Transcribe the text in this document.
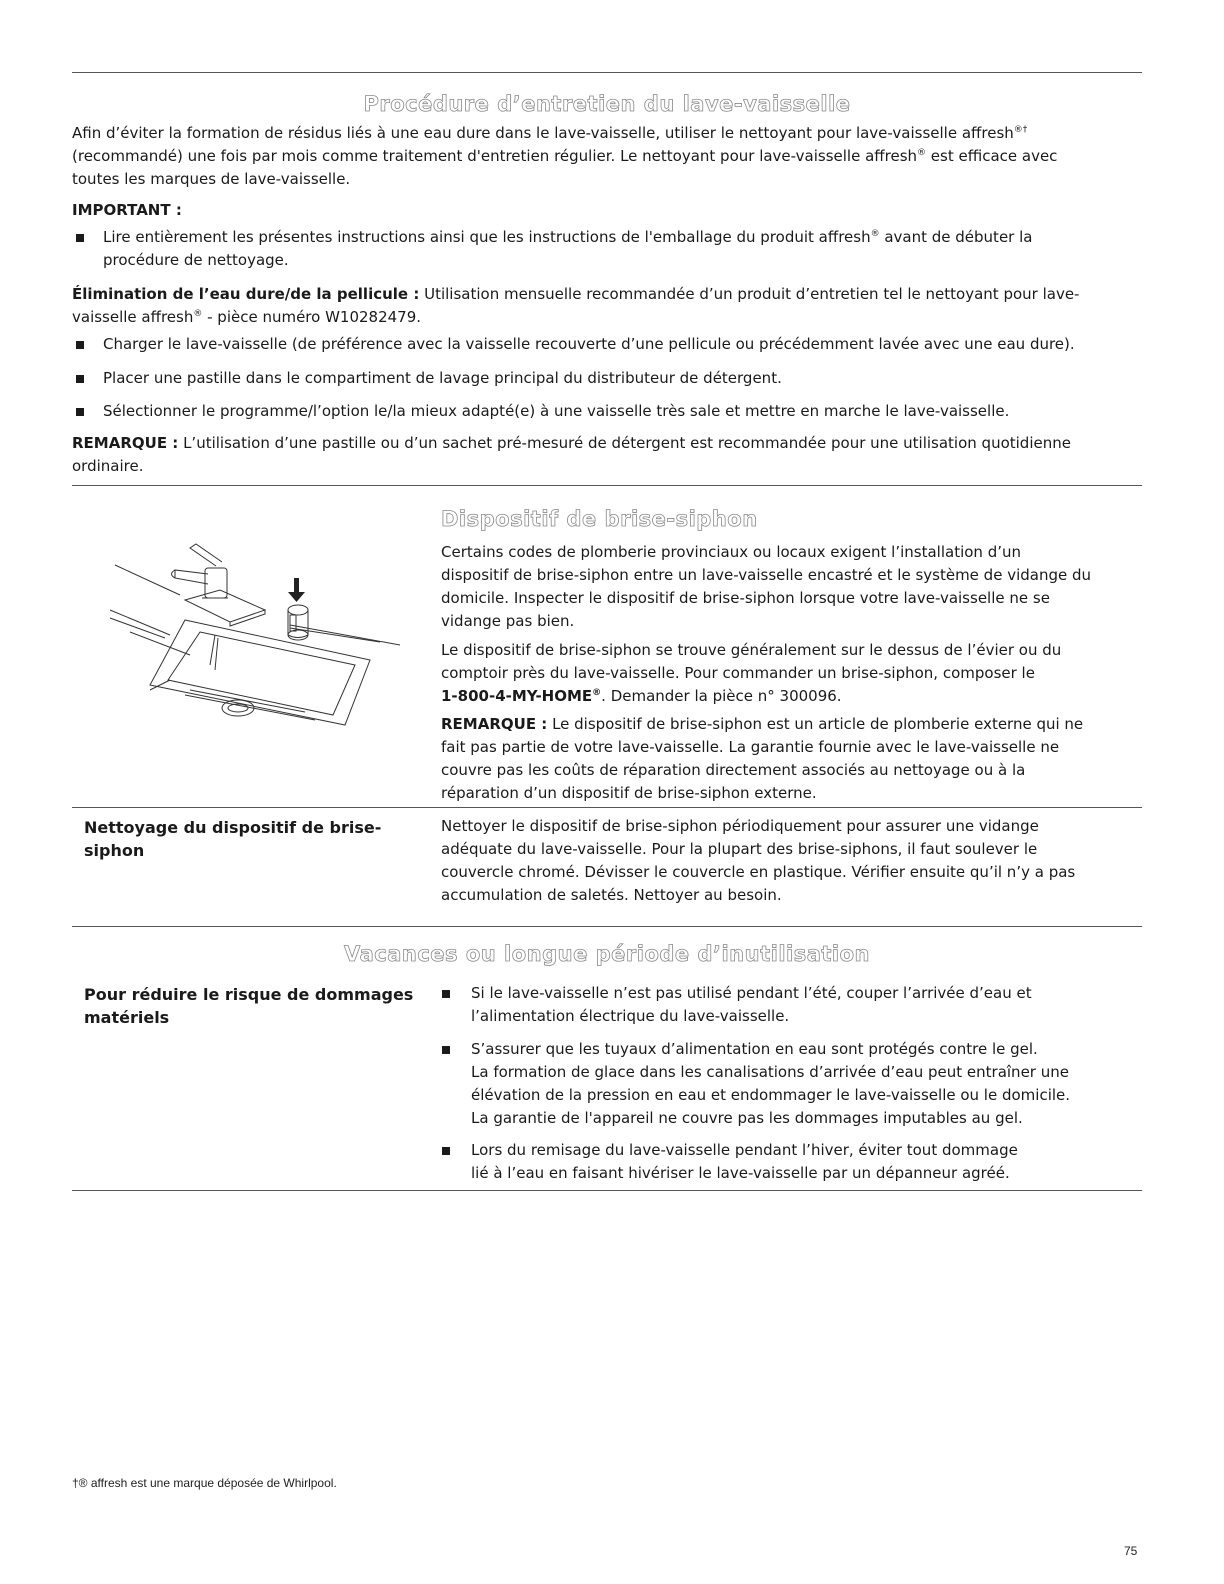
Procédure d’entretien du lave-vaisselle

Afin d’éviter la formation de résidus liés à une eau dure dans le lave-vaisselle, utiliser le nettoyant pour lave-vaisselle affresh®†

(recommandé) une fois par mois comme traitement d'entretien régulier. Le nettoyant pour lave-vaisselle affresh® est efficace avec

toutes les marques de lave-vaisselle.

IMPORTANT :

Lire entièrement les présentes instructions ainsi que les instructions de l'emballage du produit affresh® avant de débuter la

procédure de nettoyage.

Élimination de l’eau dure/de la pellicule : Utilisation mensuelle recommandée d’un produit d’entretien tel le nettoyant pour lave-

vaisselle affresh® - pièce numéro W10282479.

Charger le lave-vaisselle (de préférence avec la vaisselle recouverte d’une pellicule ou précédemment lavée avec une eau dure).

Placer une pastille dans le compartiment de lavage principal du distributeur de détergent.

Sélectionner le programme/l’option le/la mieux adapté(e) à une vaisselle très sale et mettre en marche le lave-vaisselle.

REMARQUE : L’utilisation d’une pastille ou d’un sachet pré-mesuré de détergent est recommandée pour une utilisation quotidienne

ordinaire.

Dispositif de brise-siphon

Certains codes de plomberie provinciaux ou locaux exigent l’installation d’un

dispositif de brise-siphon entre un lave-vaisselle encastré et le système de vidange du

domicile. Inspecter le dispositif de brise-siphon lorsque votre lave-vaisselle ne se

vidange pas bien.

Le dispositif de brise-siphon se trouve généralement sur le dessus de l’évier ou du

comptoir près du lave-vaisselle. Pour commander un brise-siphon, composer le

1-800-4-MY-HOME®. Demander la pièce n° 300096.

REMARQUE : Le dispositif de brise-siphon est un article de plomberie externe qui ne

fait pas partie de votre lave-vaisselle. La garantie fournie avec le lave-vaisselle ne

couvre pas les coûts de réparation directement associés au nettoyage ou à la

réparation d’un dispositif de brise-siphon externe.

Nettoyage du dispositif de brise-

siphon

Nettoyer le dispositif de brise-siphon périodiquement pour assurer une vidange

adéquate du lave-vaisselle. Pour la plupart des brise-siphons, il faut soulever le

couvercle chromé. Dévisser le couvercle en plastique. Vérifier ensuite qu’il n’y a pas

accumulation de saletés. Nettoyer au besoin.

Vacances ou longue période d’inutilisation

Pour réduire le risque de dommages

matériels

Si le lave-vaisselle n’est pas utilisé pendant l’été, couper l’arrivée d’eau et

l’alimentation électrique du lave-vaisselle.

S’assurer que les tuyaux d’alimentation en eau sont protégés contre le gel.

La formation de glace dans les canalisations d’arrivée d’eau peut entraîner une

élévation de la pression en eau et endommager le lave-vaisselle ou le domicile.

La garantie de l'appareil ne couvre pas les dommages imputables au gel.

Lors du remisage du lave-vaisselle pendant l’hiver, éviter tout dommage

lié à l’eau en faisant hivériser le lave-vaisselle par un dépanneur agréé.

†® affresh est une marque déposée de Whirlpool.
75
